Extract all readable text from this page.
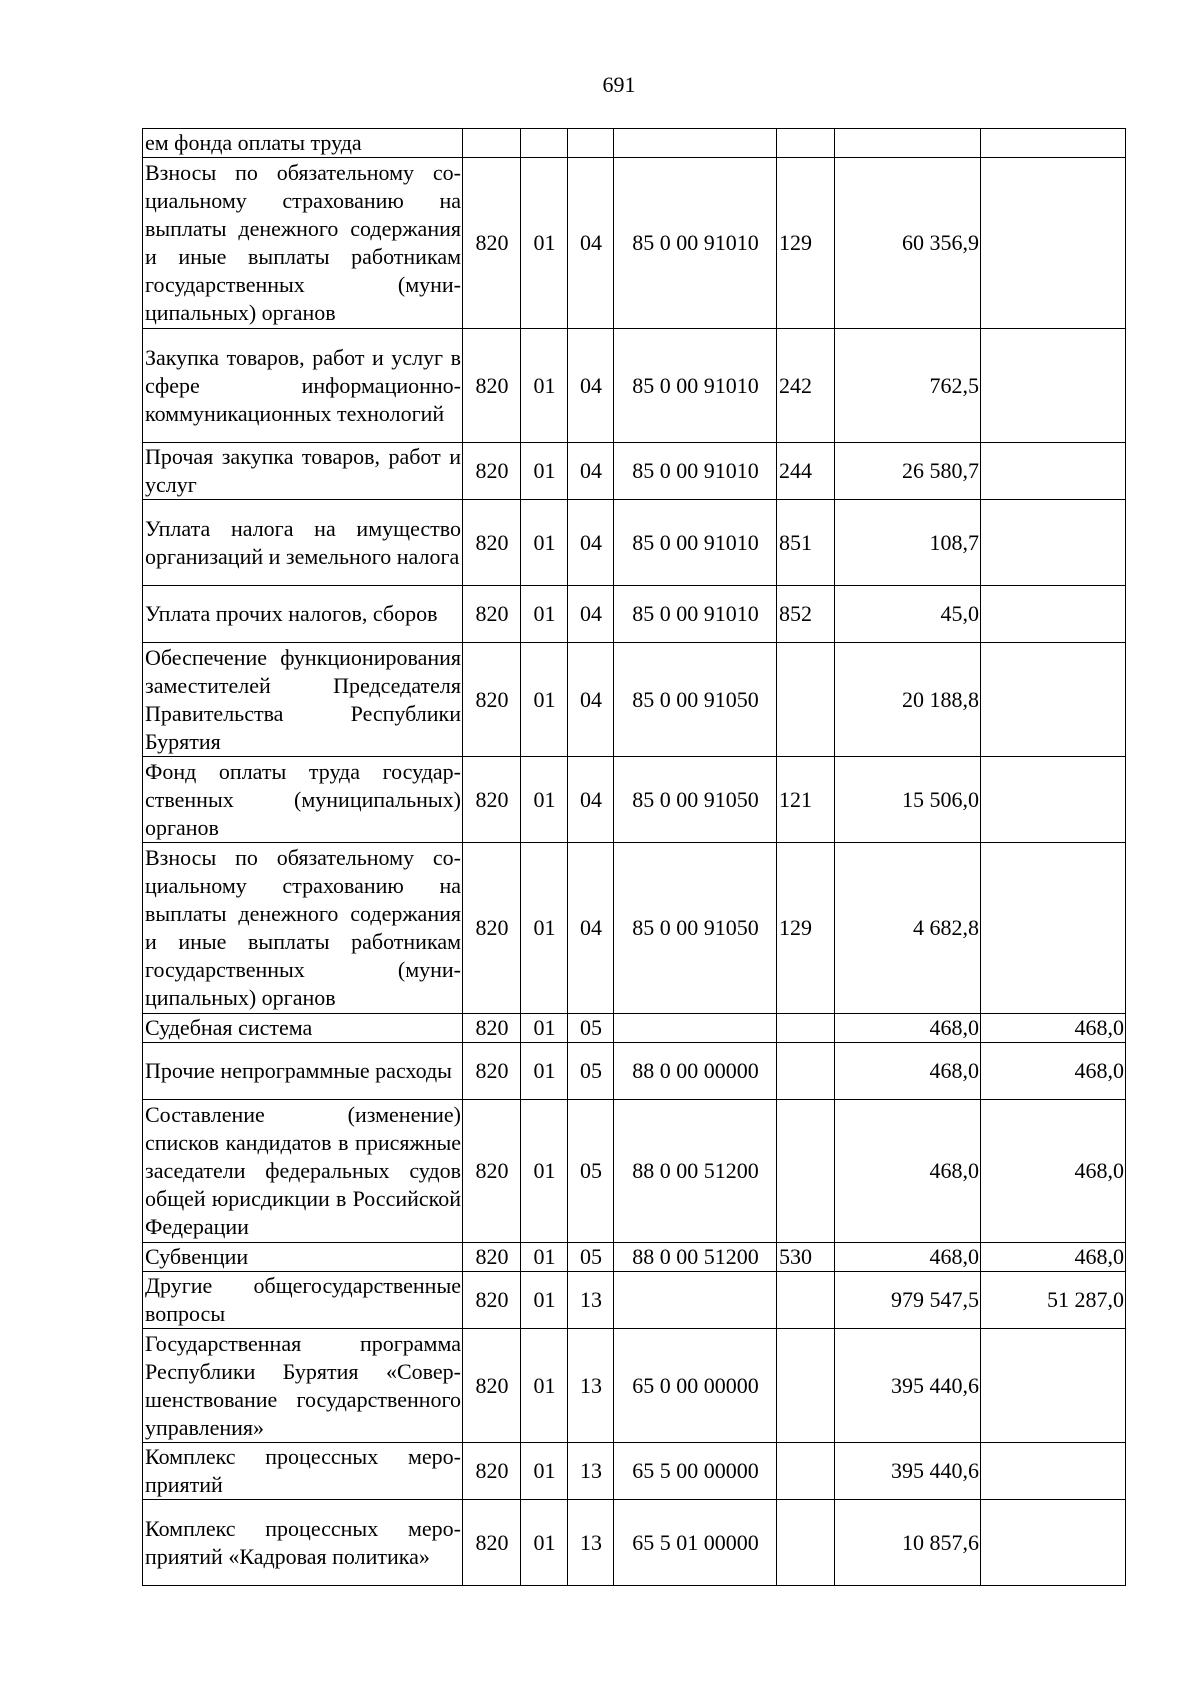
691
ем фонда оплаты труда							
Взносы по обязательному социальному страхованию на выплаты денежного содержания и иные выплаты работникам государственных (муниципальных) органов	820	01	04	85 0 00 91010	129	60 356,9	
Закупка товаров, работ и услуг в сфере информационно-коммуникационных технологий	820	01	04	85 0 00 91010	242	762,5	
Прочая закупка товаров, работ и услуг	820	01	04	85 0 00 91010	244	26 580,7	
Уплата налога на имущество организаций и земельного налога	820	01	04	85 0 00 91010	851	108,7	
Уплата прочих налогов, сборов	820	01	04	85 0 00 91010	852	45,0	
Обеспечение функционирования заместителей Председателя Правительства Республики Бурятия	820	01	04	85 0 00 91050		20 188,8	
Фонд оплаты труда государственных (муниципальных) органов	820	01	04	85 0 00 91050	121	15 506,0	
Взносы по обязательному социальному страхованию на выплаты денежного содержания и иные выплаты работникам государственных (муниципальных) органов	820	01	04	85 0 00 91050	129	4 682,8	
Судебная система	820	01	05			468,0	468,0
Прочие непрограммные расходы	820	01	05	88 0 00 00000		468,0	468,0
Составление (изменение) списков кандидатов в присяжные заседатели федеральных судов общей юрисдикции в Российской Федерации	820	01	05	88 0 00 51200		468,0	468,0
Субвенции	820	01	05	88 0 00 51200	530	468,0	468,0
Другие общегосударственные вопросы	820	01	13			979 547,5	51 287,0
Государственная программа Республики Бурятия «Совершенствование государственного управления»	820	01	13	65 0 00 00000		395 440,6	
Комплекс процессных мероприятий	820	01	13	65 5 00 00000		395 440,6	
Комплекс процессных мероприятий «Кадровая политика»	820	01	13	65 5 01 00000		10 857,6	
